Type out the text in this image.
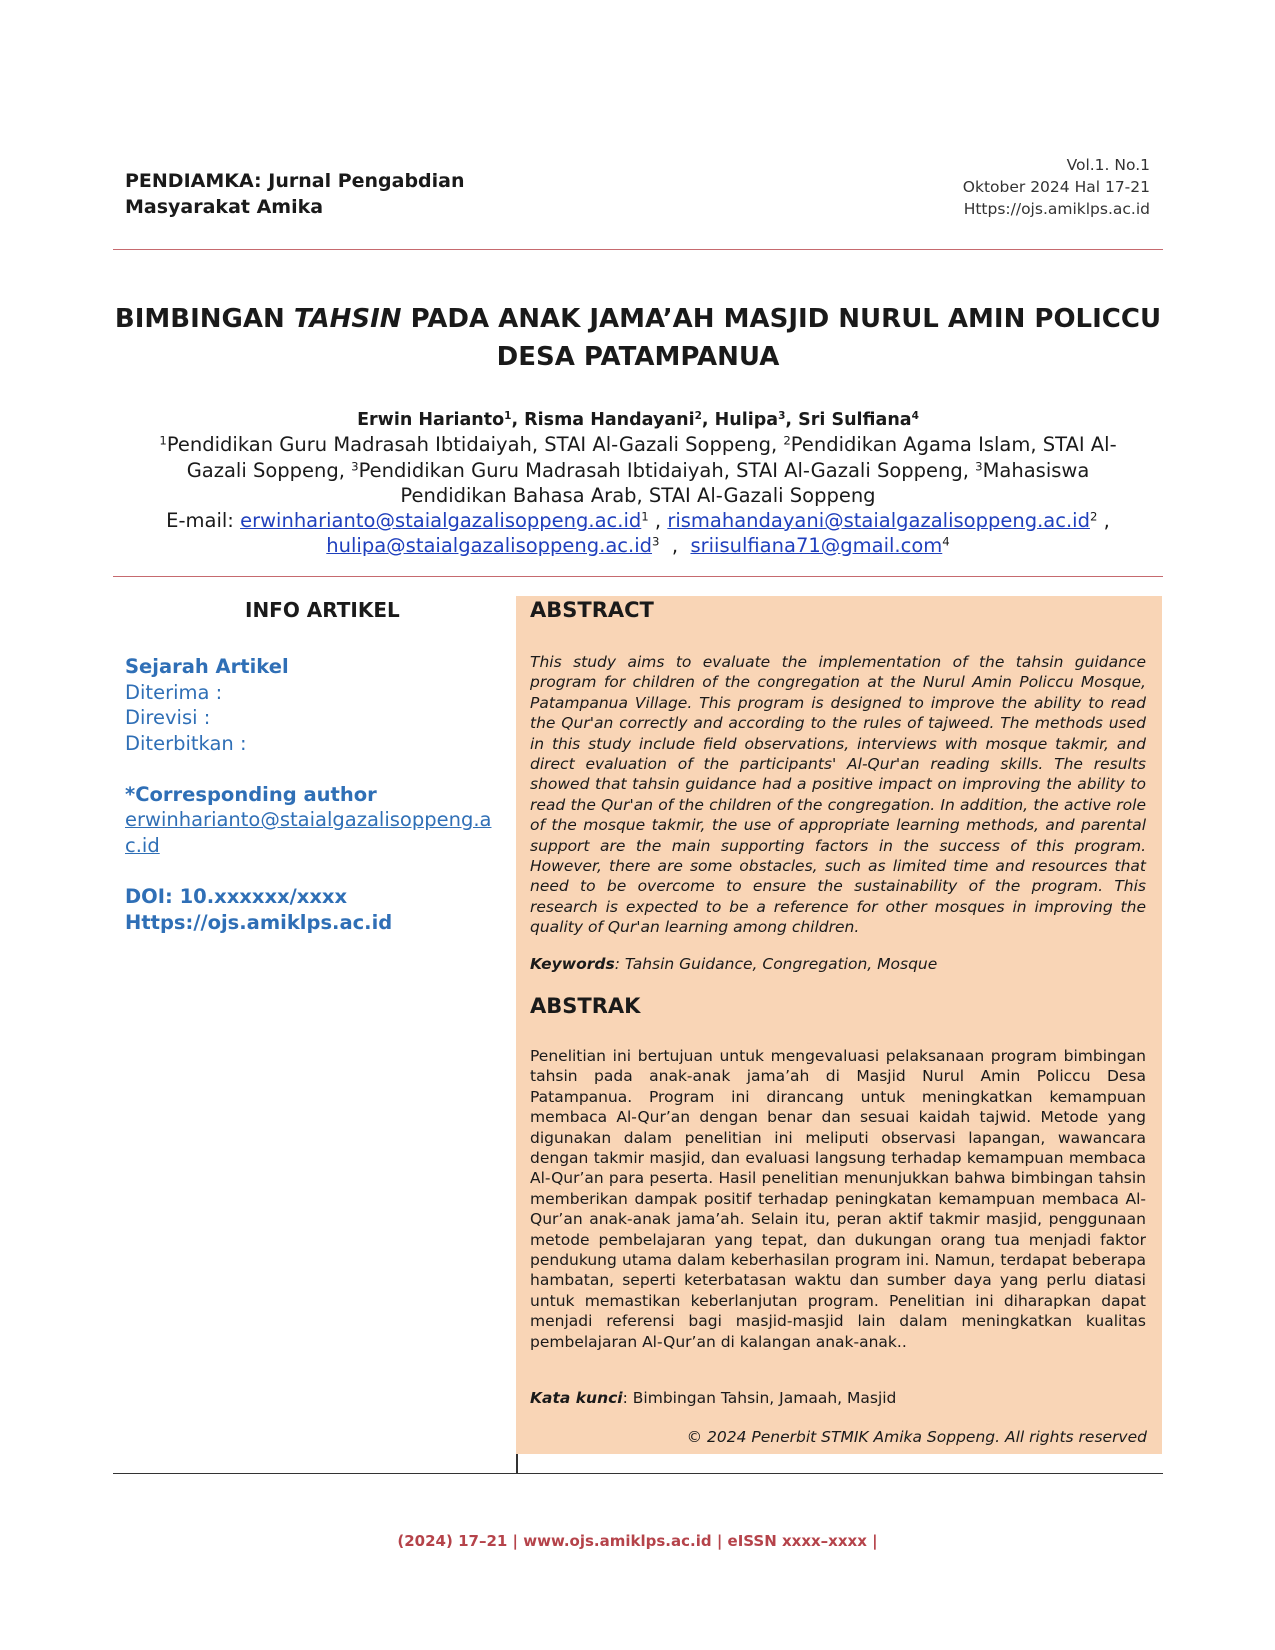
PENDIAMKA: Jurnal Pengabdian
Masyarakat Amika
Vol.1. No.1
Oktober 2024 Hal 17-21
Https://ojs.amiklps.ac.id
BIMBINGAN TAHSIN PADA ANAK JAMA’AH MASJID NURUL AMIN POLICCU
DESA PATAMPANUA
Erwin Harianto$^1$, Risma Handayani$^2$, Hulipa$^3$, Sri Sulfiana$^4$
$^1$Pendidikan Guru Madrasah Ibtidaiyah, STAI Al-Gazali Soppeng, $^2$Pendidikan Agama Islam, STAI Al-
Gazali Soppeng, $^3$Pendidikan Guru Madrasah Ibtidaiyah, STAI Al-Gazali Soppeng, $^3$Mahasiswa
Pendidikan Bahasa Arab, STAI Al-Gazali Soppeng
E-mail: $erwinharianto@staialgazalisoppeng.ac.id^1$ , $rismahandayani@staialgazalisoppeng.ac.id^2$ ,
$hulipa@staialgazalisoppeng.ac.id^3$  ,  sriisulfiana71@gmail.com$^4$
INFO ARTIKEL
Sejarah Artikel
Diterima :
Direvisi :
Diterbitkan :
*Corresponding author
erwinharianto@staialgazalisoppeng.a
c.id
DOI: 10.xxxxxx/xxxx
Https://ojs.amiklps.ac.id
ABSTRACT
This study aims to evaluate the implementation of the tahsin guidance program for children of the congregation at the Nurul Amin Policcu Mosque, Patampanua Village. This program is designed to improve the ability to read the Qur'an correctly and according to the rules of tajweed. The methods used in this study include field observations, interviews with mosque takmir, and direct evaluation of the participants' Al-Qur'an reading skills. The results showed that tahsin guidance had a positive impact on improving the ability to read the Qur'an of the children of the congregation. In addition, the active role of the mosque takmir, the use of appropriate learning methods, and parental support are the main supporting factors in the success of this program. However, there are some obstacles, such as limited time and resources that need to be overcome to ensure the sustainability of the program. This research is expected to be a reference for other mosques in improving the quality of Qur'an learning among children.
Keywords: Tahsin Guidance, Congregation, Mosque
ABSTRAK
Penelitian ini bertujuan untuk mengevaluasi pelaksanaan program bimbingan tahsin pada anak-anak jama’ah di Masjid Nurul Amin Policcu Desa Patampanua. Program ini dirancang untuk meningkatkan kemampuan membaca Al-Qur’an dengan benar dan sesuai kaidah tajwid. Metode yang digunakan dalam penelitian ini meliputi observasi lapangan, wawancara dengan takmir masjid, dan evaluasi langsung terhadap kemampuan membaca Al-Qur’an para peserta. Hasil penelitian menunjukkan bahwa bimbingan tahsin memberikan dampak positif terhadap peningkatan kemampuan membaca Al-Qur’an anak-anak jama’ah. Selain itu, peran aktif takmir masjid, penggunaan metode pembelajaran yang tepat, dan dukungan orang tua menjadi faktor pendukung utama dalam keberhasilan program ini. Namun, terdapat beberapa hambatan, seperti keterbatasan waktu dan sumber daya yang perlu diatasi untuk memastikan keberlanjutan program. Penelitian ini diharapkan dapat menjadi referensi bagi masjid-masjid lain dalam meningkatkan kualitas pembelajaran Al-Qur’an di kalangan anak-anak..
Kata kunci: Bimbingan Tahsin, Jamaah, Masjid
© 2024 Penerbit STMIK Amika Soppeng. All rights reserved
(2024) 17–21 | www.ojs.amiklps.ac.id | eISSN xxxx–xxxx |
